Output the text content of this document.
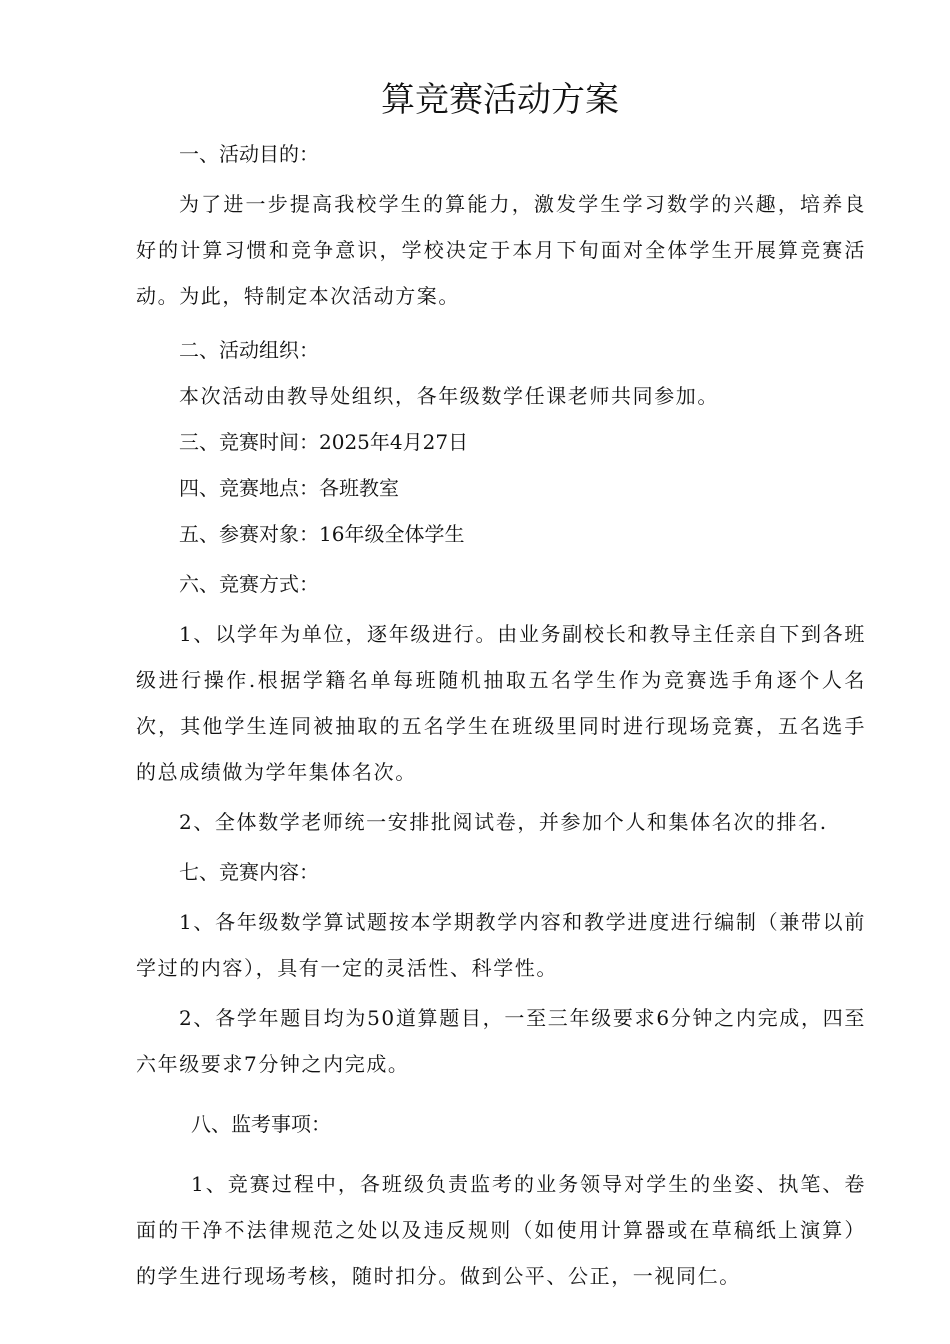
算竞赛活动方案

一、活动目的：

为了进一步提高我校学生的算能力，激发学生学习数学的兴趣，培养良好的计算习惯和竞争意识，学校决定于本月下旬面对全体学生开展算竞赛活动。为此，特制定本次活动方案。

二、活动组织：

本次活动由教导处组织，各年级数学任课老师共同参加。

三、竞赛时间：2025年4月27日

四、竞赛地点：各班教室

五、参赛对象：16年级全体学生

六、竞赛方式：

1、以学年为单位，逐年级进行。由业务副校长和教导主任亲自下到各班级进行操作.根据学籍名单每班随机抽取五名学生作为竞赛选手角逐个人名次，其他学生连同被抽取的五名学生在班级里同时进行现场竞赛，五名选手的总成绩做为学年集体名次。

2、全体数学老师统一安排批阅试卷，并参加个人和集体名次的排名.

七、竞赛内容：

1、各年级数学算试题按本学期教学内容和教学进度进行编制（兼带以前学过的内容），具有一定的灵活性、科学性。

2、各学年题目均为50道算题目，一至三年级要求6分钟之内完成，四至六年级要求7分钟之内完成。

八、监考事项：

1、竞赛过程中，各班级负责监考的业务领导对学生的坐姿、执笔、卷面的干净不法律规范之处以及违反规则（如使用计算器或在草稿纸上演算）的学生进行现场考核，随时扣分。做到公平、公正，一视同仁。
